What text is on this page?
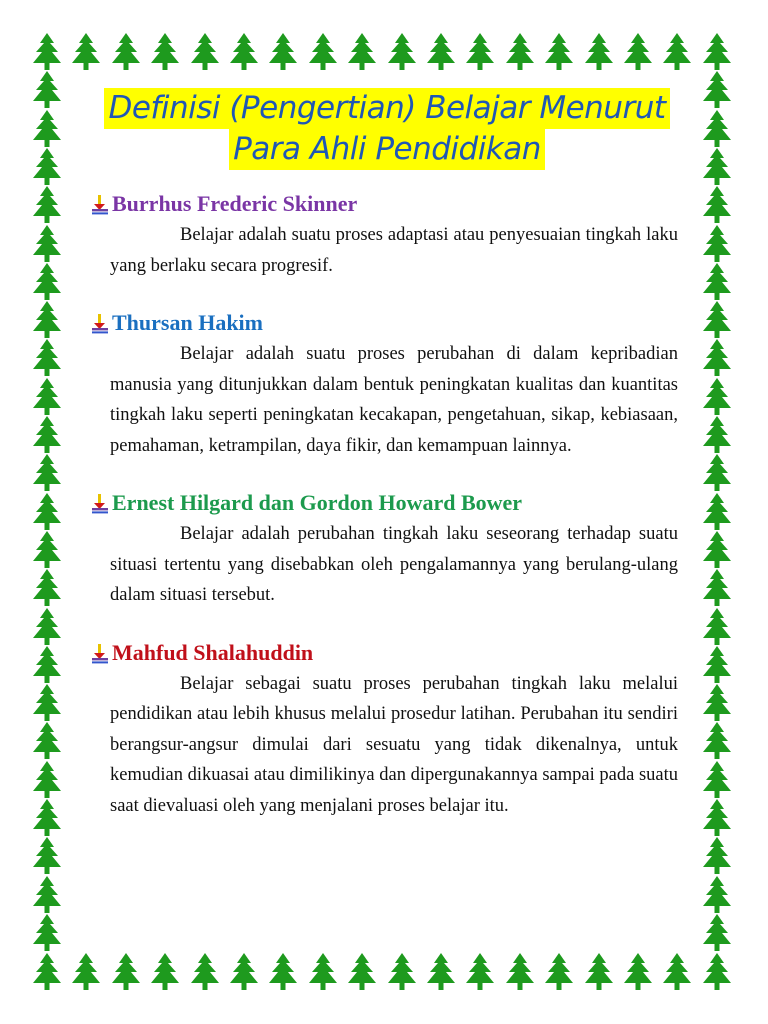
Definisi (Pengertian) Belajar Menurut
Para Ahli Pendidikan
Burrhus Frederic Skinner

Belajar adalah suatu proses adaptasi atau penyesuaian tingkah laku yang berlaku secara progresif.

Thursan Hakim

Belajar adalah suatu proses perubahan di dalam kepribadian manusia yang ditunjukkan dalam bentuk peningkatan kualitas dan kuantitas tingkah laku seperti peningkatan kecakapan, pengetahuan, sikap, kebiasaan, pemahaman, ketrampilan, daya fikir, dan kemampuan lainnya.

Ernest Hilgard dan Gordon Howard Bower

Belajar adalah perubahan tingkah laku seseorang terhadap suatu situasi tertentu yang disebabkan oleh pengalamannya yang berulang-ulang dalam situasi tersebut.

Mahfud Shalahuddin

Belajar sebagai suatu proses perubahan tingkah laku melalui pendidikan atau lebih khusus melalui prosedur latihan. Perubahan itu sendiri berangsur-angsur dimulai dari sesuatu yang tidak dikenalnya, untuk kemudian dikuasai atau dimilikinya dan dipergunakannya sampai pada suatu saat dievaluasi oleh yang menjalani proses belajar itu.
